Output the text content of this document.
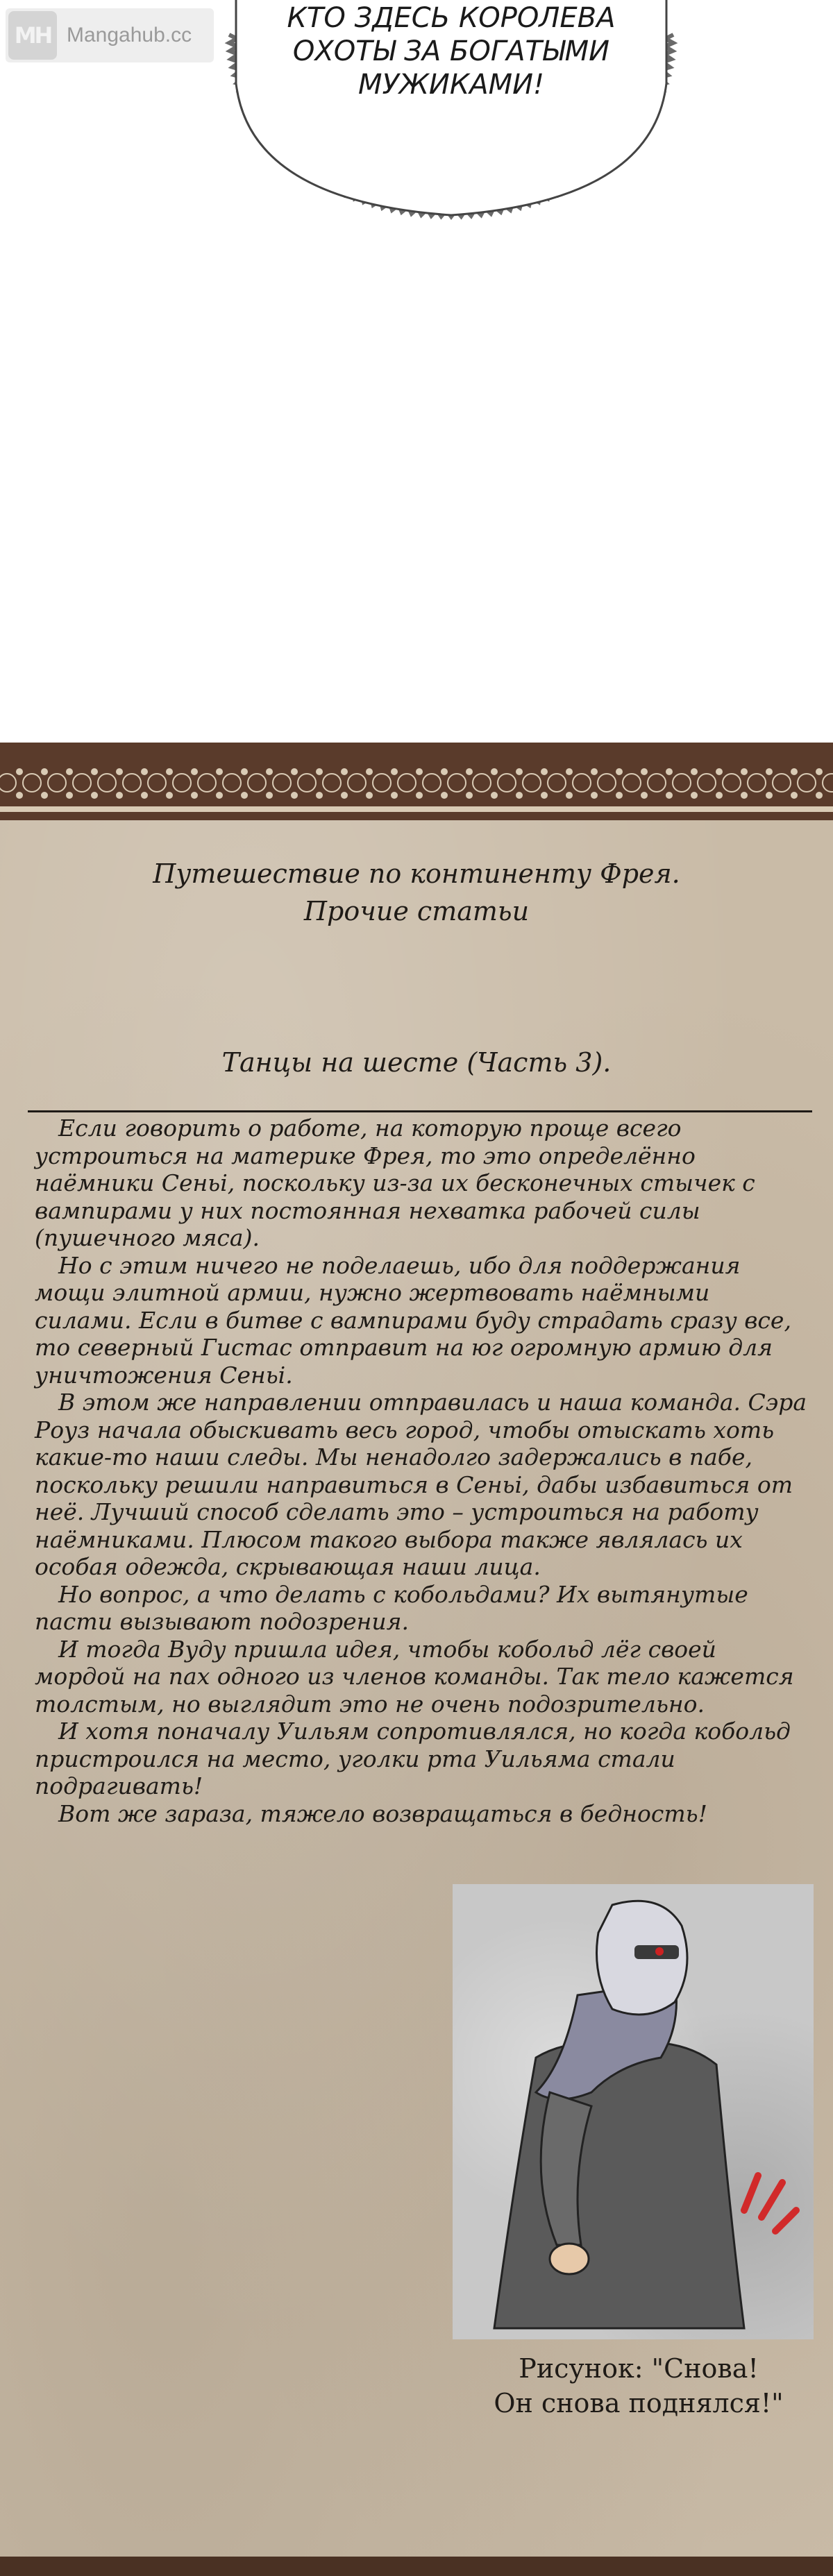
MH Mangahub.cc
КТО ЗДЕСЬ КОРОЛЕВА
ОХОТЫ ЗА БОГАТЫМИ
МУЖИКАМИ!
Путешествие по континенту Фрея.
Прочие статьи
Танцы на шесте (Часть 3).

Если говорить о работе, на которую проще всего устроиться на материке Фрея, то это определённо наёмники Сеньi, поскольку из-за их бесконечных стычек с вампирами у них постоянная нехватка рабочей силы (пушечного мяса).

Но с этим ничего не поделаешь, ибо для поддержания мощи элитной армии, нужно жертвовать наёмными силами. Если в битве с вампирами буду страдать сразу все, то северный Гистас отправит на юг огромную армию для уничтожения Сеньi.

В этом же направлении отправилась и наша команда. Сэра Роуз начала обыскивать весь город, чтобы отыскать хоть какие-то наши следы. Мы ненадолго задержались в пабе, поскольку решили направиться в Сеньi, дабы избавиться от неё. Лучший способ сделать это – устроиться на работу наёмниками. Плюсом такого выбора также являлась их особая одежда, скрывающая наши лица.

Но вопрос, а что делать с кобольдами? Их вытянутые пасти вызывают подозрения.

И тогда Вуду пришла идея, чтобы кобольд лёг своей мордой на пах одного из членов команды. Так тело кажется толстым, но выглядит это не очень подозрительно.

И хотя поначалу Уильям сопротивлялся, но когда кобольд пристроился на место, уголки рта Уильяма стали подрагивать!

Вот же зараза, тяжело возвращаться в бедность!

Рисунок: "Снова!
Он снова поднялся!"
